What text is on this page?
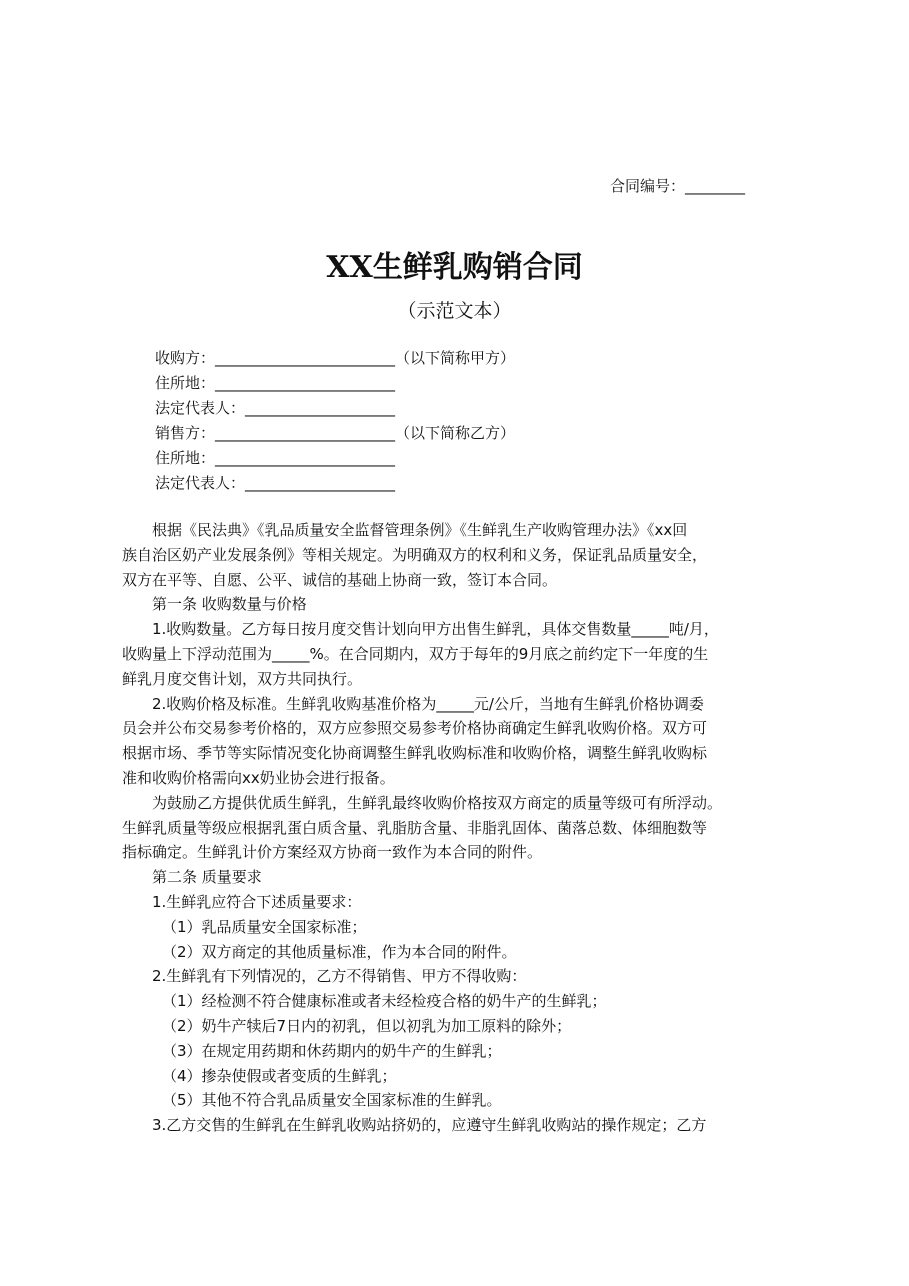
合同编号：________
XX生鲜乳购销合同
（示范文本）
收购方：________________________（以下简称甲方）
住所地：________________________
法定代表人：____________________
销售方：________________________（以下简称乙方）
住所地：________________________
法定代表人：____________________
根据《民法典》《乳品质量安全监督管理条例》《生鲜乳生产收购管理办法》《xx回
族自治区奶产业发展条例》等相关规定。为明确双方的权利和义务，保证乳品质量安全，
双方在平等、自愿、公平、诚信的基础上协商一致，签订本合同。
第一条 收购数量与价格
1.收购数量。乙方每日按月度交售计划向甲方出售生鲜乳，具体交售数量_____吨/月，
收购量上下浮动范围为_____%。在合同期内，双方于每年的9月底之前约定下一年度的生
鲜乳月度交售计划，双方共同执行。
2.收购价格及标准。生鲜乳收购基准价格为_____元/公斤，当地有生鲜乳价格协调委
员会并公布交易参考价格的，双方应参照交易参考价格协商确定生鲜乳收购价格。双方可
根据市场、季节等实际情况变化协商调整生鲜乳收购标准和收购价格，调整生鲜乳收购标
准和收购价格需向xx奶业协会进行报备。
为鼓励乙方提供优质生鲜乳，生鲜乳最终收购价格按双方商定的质量等级可有所浮动。
生鲜乳质量等级应根据乳蛋白质含量、乳脂肪含量、非脂乳固体、菌落总数、体细胞数等
指标确定。生鲜乳计价方案经双方协商一致作为本合同的附件。
第二条 质量要求
1.生鲜乳应符合下述质量要求：
（1）乳品质量安全国家标准；
（2）双方商定的其他质量标准，作为本合同的附件。
2.生鲜乳有下列情况的，乙方不得销售、甲方不得收购：
（1）经检测不符合健康标准或者未经检疫合格的奶牛产的生鲜乳；
（2）奶牛产犊后7日内的初乳，但以初乳为加工原料的除外；
（3）在规定用药期和休药期内的奶牛产的生鲜乳；
（4）掺杂使假或者变质的生鲜乳；
（5）其他不符合乳品质量安全国家标准的生鲜乳。
3.乙方交售的生鲜乳在生鲜乳收购站挤奶的，应遵守生鲜乳收购站的操作规定；乙方
